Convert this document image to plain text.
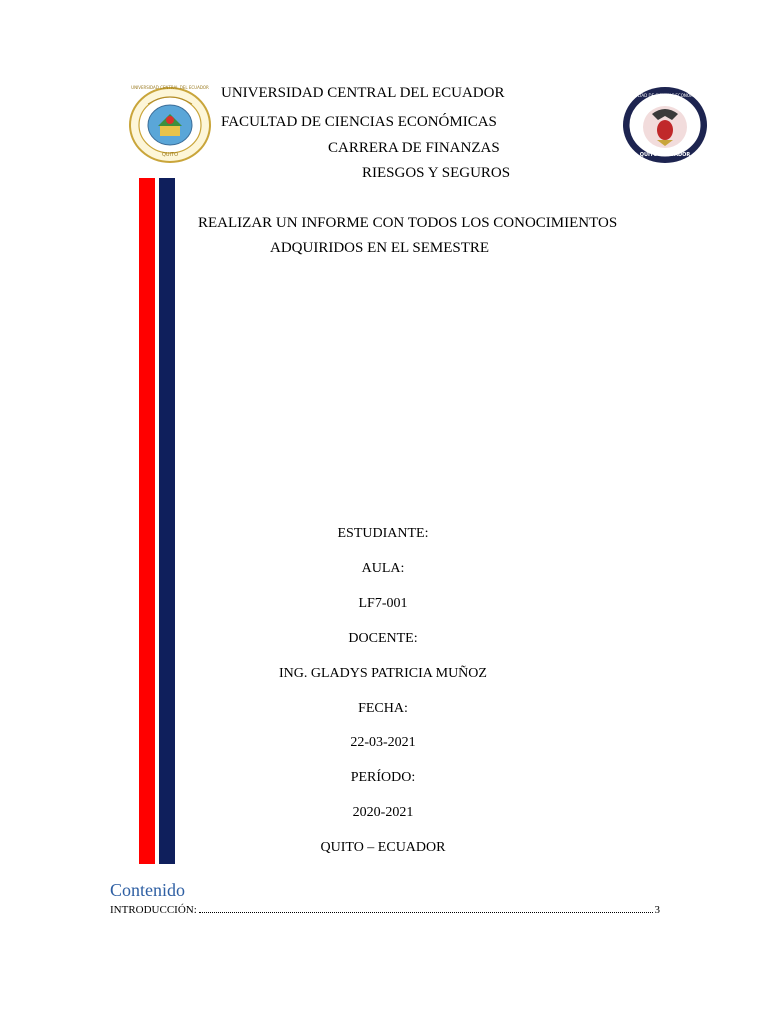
UNIVERSIDAD CENTRAL DEL ECUADOR
QUITO
FACULTAD DE CIENCIAS ECONÓMICAS
QUITO - ECUADOR
UNIVERSIDAD CENTRAL DEL ECUADOR
FACULTAD DE CIENCIAS ECONÓMICAS
CARRERA DE FINANZAS
RIESGOS Y SEGUROS
REALIZAR UN INFORME CON TODOS LOS CONOCIMIENTOS
ADQUIRIDOS EN EL SEMESTRE
ESTUDIANTE:
AULA:
LF7-001
DOCENTE:
ING. GLADYS PATRICIA MUÑOZ
FECHA:
22-03-2021
PERÍODO:
2020-2021
QUITO – ECUADOR
Contenido
INTRODUCCIÓN:	3
